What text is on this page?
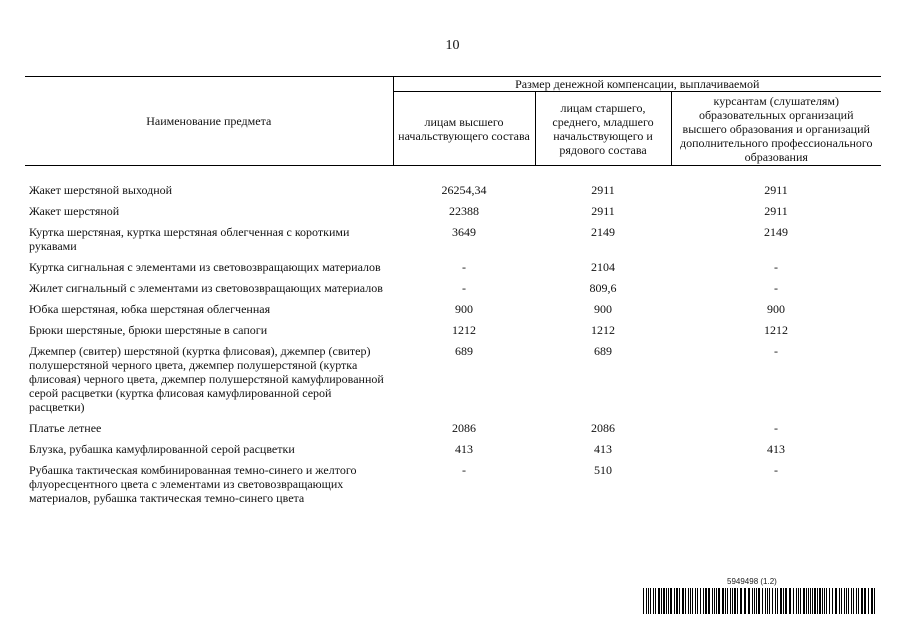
10
Наименование предмета	Размер денежной компенсации, выплачиваемой		
	лицам высшего начальствующего состава	лицам старшего, среднего, младшего начальствующего и рядового состава	курсантам (слушателям) образовательных организаций высшего образования и организаций дополнительного профессионального образования
Жакет шерстяной выходной	26254,34	2911	2911
Жакет шерстяной	22388	2911	2911
Куртка шерстяная, куртка шерстяная облегченная с короткими рукавами	3649	2149	2149
Куртка сигнальная с элементами из световозвращающих материалов	-	2104	-
Жилет сигнальный с элементами из световозвращающих материалов	-	809,6	-
Юбка шерстяная, юбка шерстяная облегченная	900	900	900
Брюки шерстяные, брюки шерстяные в сапоги	1212	1212	1212
Джемпер (свитер) шерстяной (куртка флисовая), джемпер (свитер) полушерстяной черного цвета, джемпер полушерстяной (куртка флисовая) черного цвета, джемпер полушерстяной камуфлированной серой расцветки (куртка флисовая камуфлированной серой расцветки)	689	689	-
Платье летнее	2086	2086	-
Блузка, рубашка камуфлированной серой расцветки	413	413	413
Рубашка тактическая комбинированная темно-синего и желтого флуоресцентного цвета с элементами из световозвращающих материалов, рубашка тактическая темно-синего цвета	-	510	-
5949498 (1.2)
